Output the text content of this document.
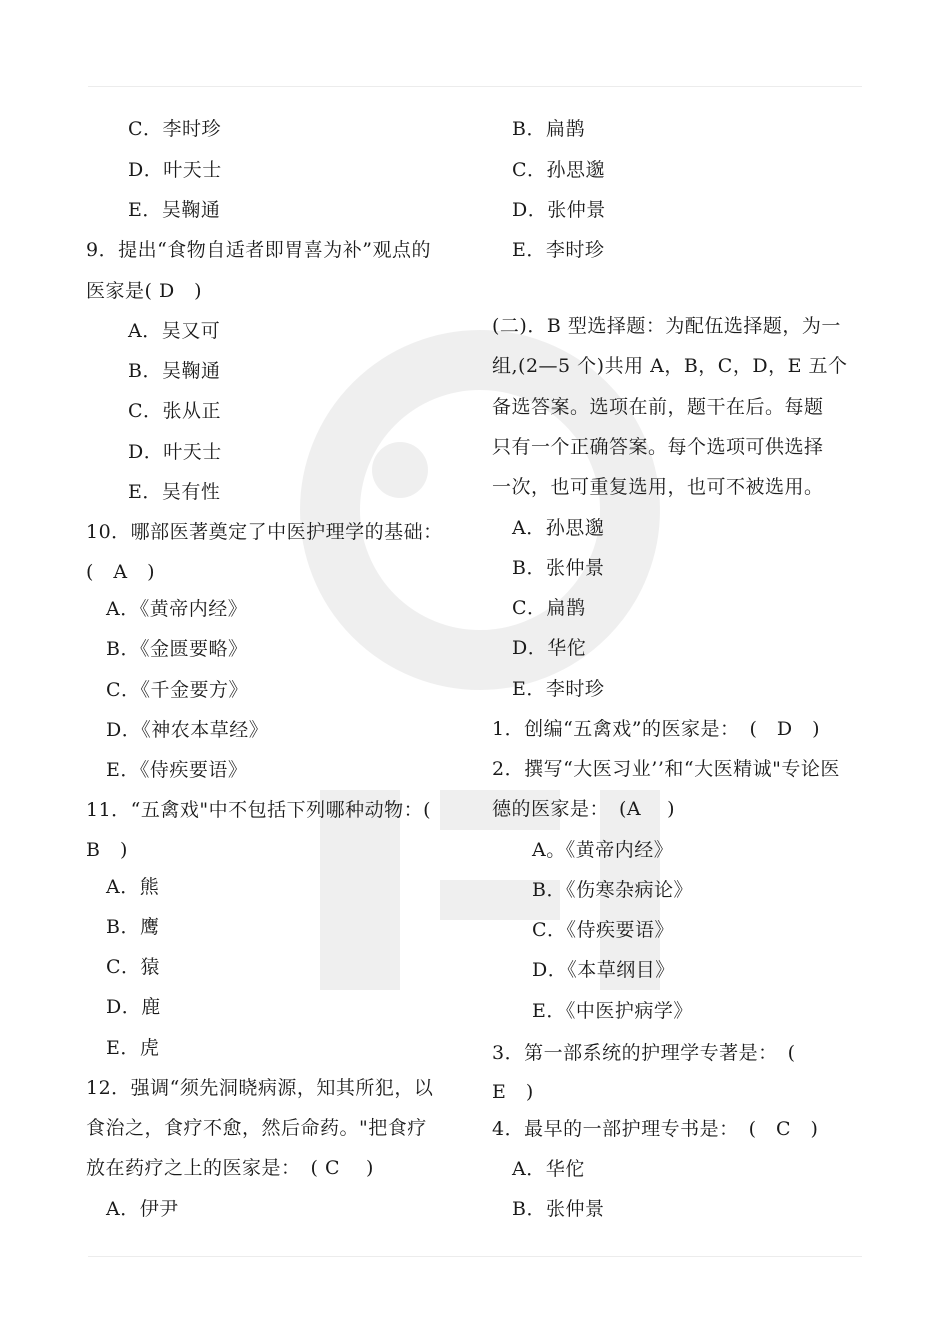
C．李时珍
D．叶天士
E．吴鞠通
9．提出“食物自适者即胃喜为补”观点的
医家是( D　)
A．吴又可
B．吴鞠通
C．张从正
D．叶天士
E．吴有性
10．哪部医著奠定了中医护理学的基础：
(　A　)
A．《黄帝内经》
B．《金匮要略》
C．《千金要方》
D．《神农本草经》
E．《侍疾要语》
11．“五禽戏"中不包括下列哪种动物：(
B　)
A．熊
B．鹰
C．猿
D．鹿
E．虎
12．强调“须先洞晓病源，知其所犯，以
食治之，食疗不愈，然后命药。"把食疗
放在药疗之上的医家是：　( C　 )
A．伊尹
B．扁鹊
C．孙思邈
D．张仲景
E．李时珍
(二)．B 型选择题：为配伍选择题，为一
组,(2—5 个)共用 A，B，C，D，E 五个
备选答案。选项在前，题干在后。每题
只有一个正确答案。每个选项可供选择
一次，也可重复选用，也可不被选用。
A．孙思邈
B．张仲景
C．扁鹊
D．华佗
E．李时珍
1．创编“五禽戏”的医家是：　(　D　)
2．撰写“大医习业’’和“大医精诚"专论医
德的医家是：　(A　 )
A。《黄帝内经》
B．《伤寒杂病论》
C．《侍疾要语》
D．《本草纲目》
E．《中医护病学》
3．第一部系统的护理学专著是：　(
E　)
4．最早的一部护理专书是：　(　C　)
A．华佗
B．张仲景
